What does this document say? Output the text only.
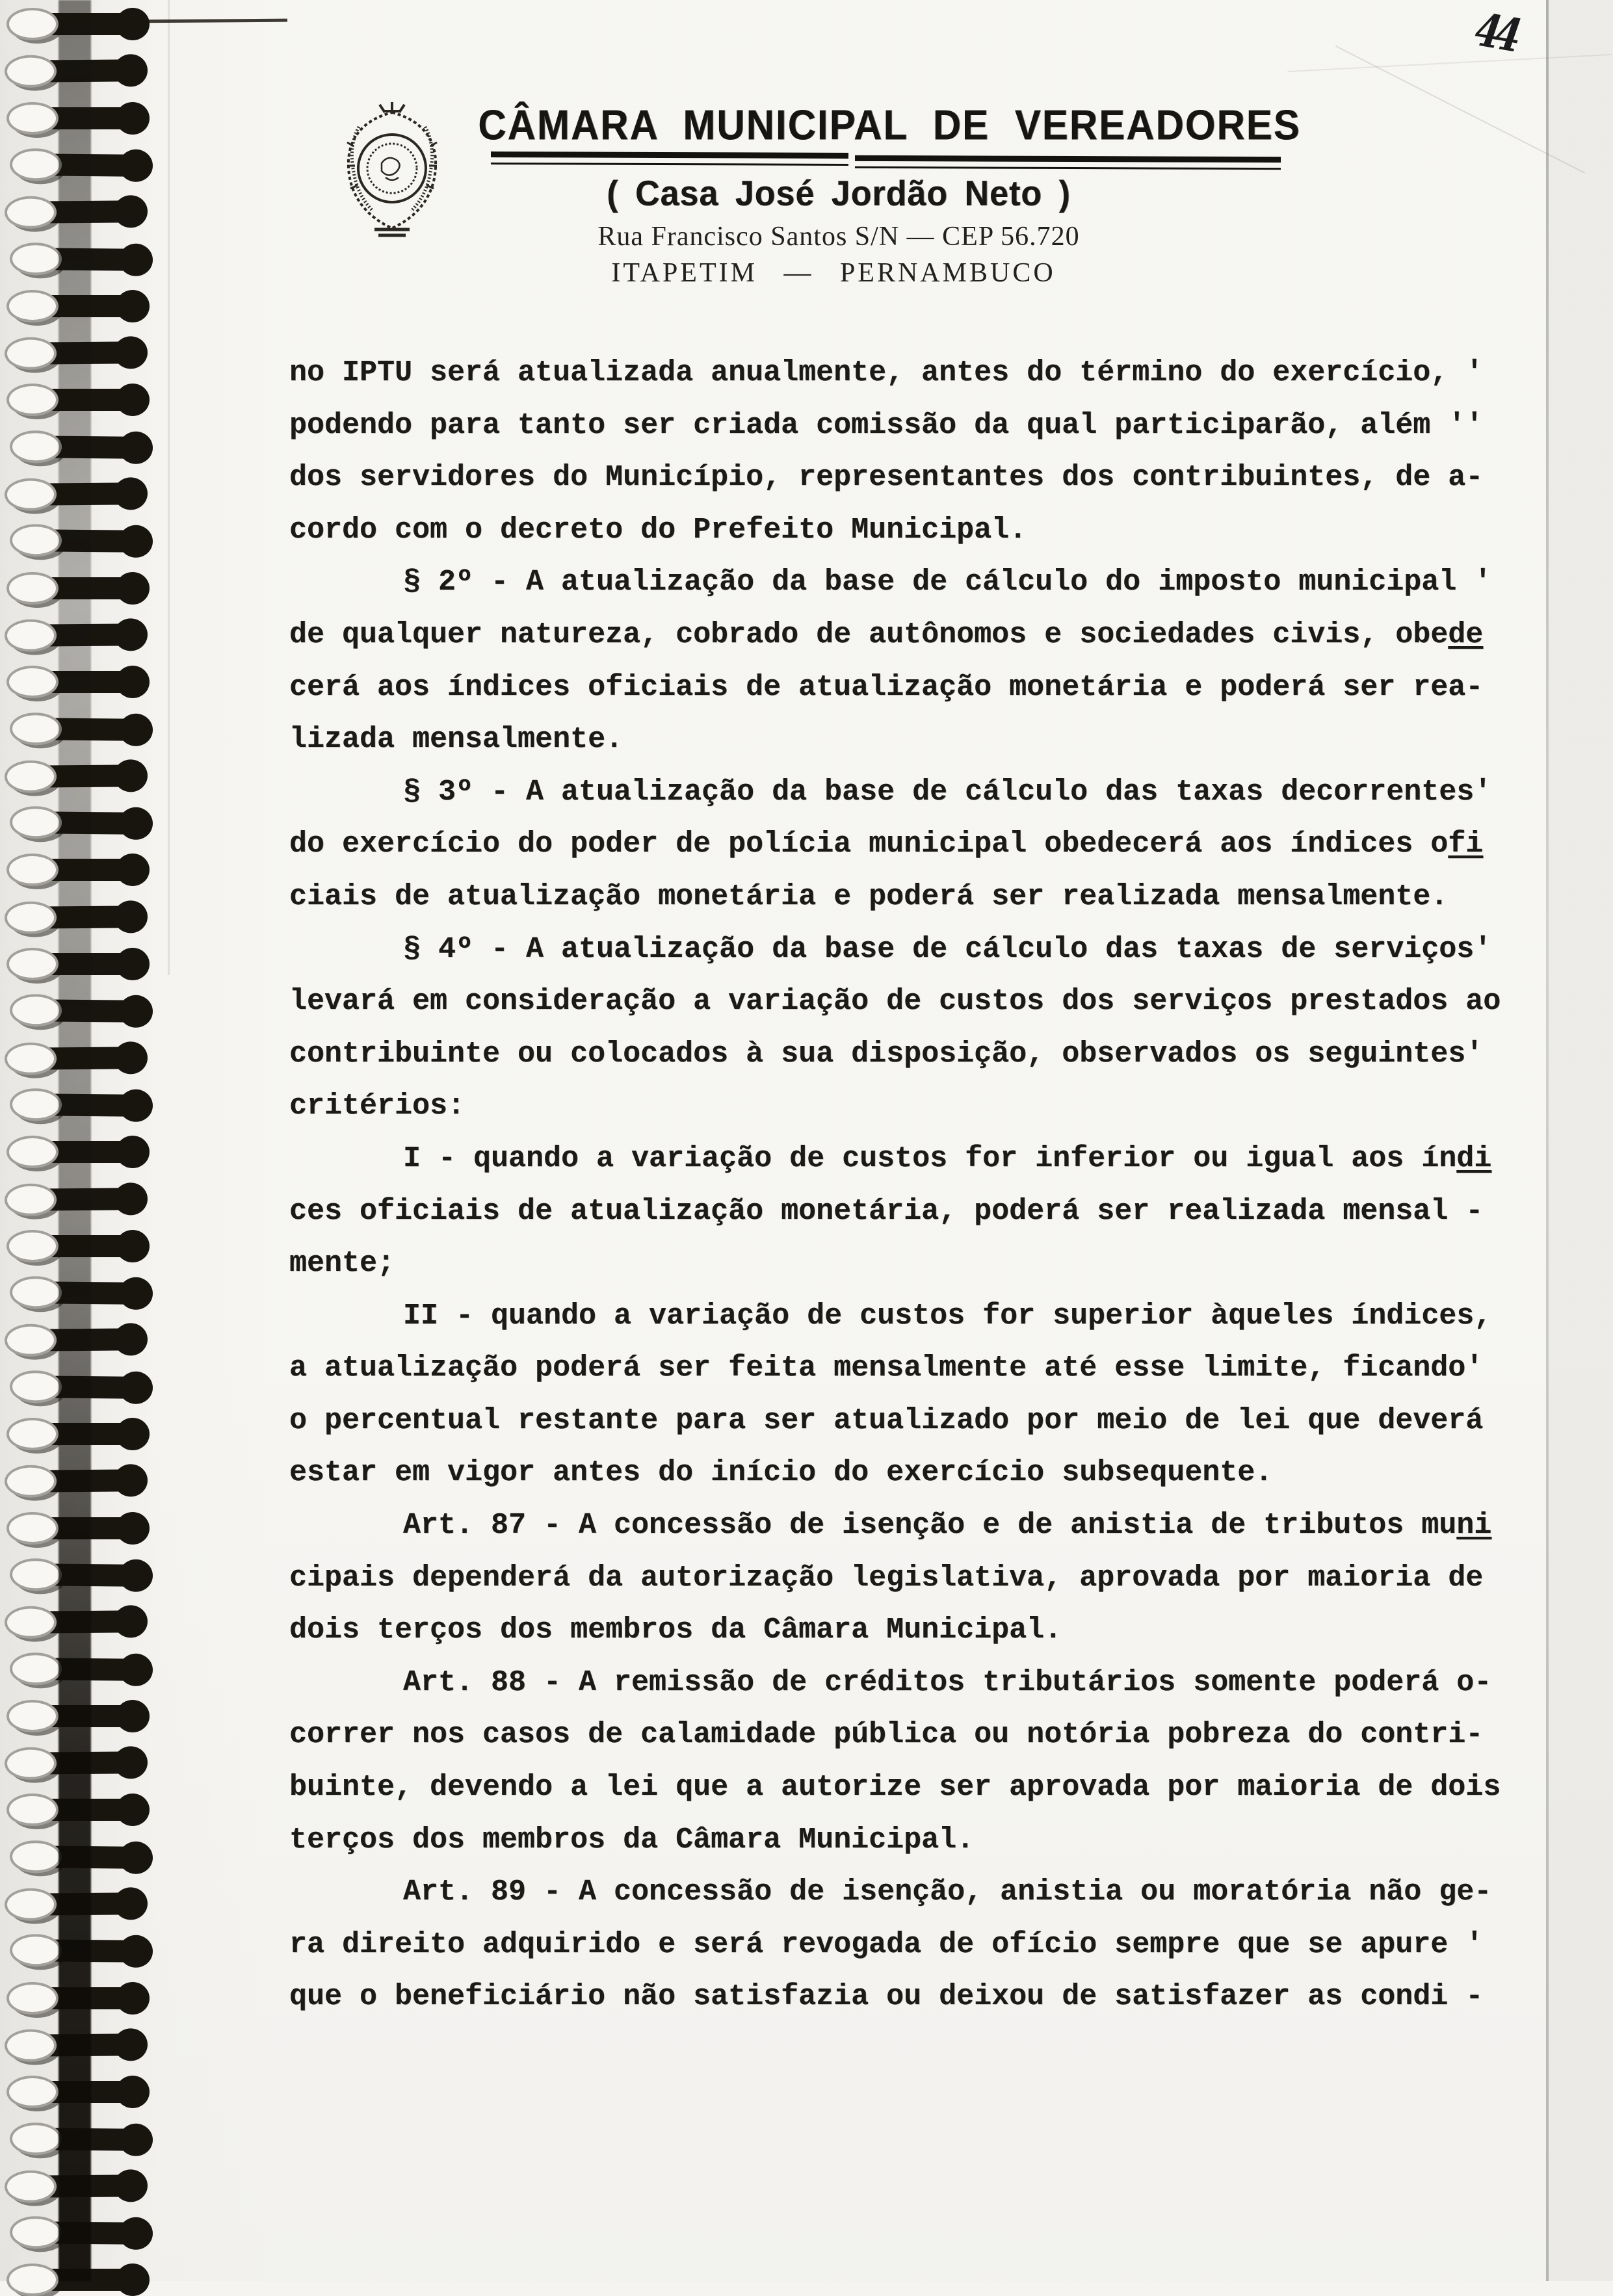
CÂMARA MUNICIPAL DE VEREADORES
( Casa José Jordão Neto )
Rua Francisco Santos S/N — CEP 56.720
ITAPETIM — PERNAMBUCO
44
no IPTU será atualizada anualmente, antes do término do exercício, '
podendo para tanto ser criada comissão da qual participarão, além ''
dos servidores do Município, representantes dos contribuintes, de a-
cordo com o decreto do Prefeito Municipal.
§ 2º - A atualização da base de cálculo do imposto municipal '
de qualquer natureza, cobrado de autônomos e sociedades civis, obede
cerá aos índices oficiais de atualização monetária e poderá ser rea-
lizada mensalmente.
§ 3º - A atualização da base de cálculo das taxas decorrentes'
do exercício do poder de polícia municipal obedecerá aos índices ofi
ciais de atualização monetária e poderá ser realizada mensalmente.
§ 4º - A atualização da base de cálculo das taxas de serviços'
levará em consideração a variação de custos dos serviços prestados ao
contribuinte ou colocados à sua disposição, observados os seguintes'
critérios:
I - quando a variação de custos for inferior ou igual aos índi
ces oficiais de atualização monetária, poderá ser realizada mensal -
mente;
II - quando a variação de custos for superior àqueles índices,
a atualização poderá ser feita mensalmente até esse limite, ficando'
o percentual restante para ser atualizado por meio de lei que deverá
estar em vigor antes do início do exercício subsequente.
Art. 87 - A concessão de isenção e de anistia de tributos muni
cipais dependerá da autorização legislativa, aprovada por maioria de
dois terços dos membros da Câmara Municipal.
Art. 88 - A remissão de créditos tributários somente poderá o-
correr nos casos de calamidade pública ou notória pobreza do contri-
buinte, devendo a lei que a autorize ser aprovada por maioria de dois
terços dos membros da Câmara Municipal.
Art. 89 - A concessão de isenção, anistia ou moratória não ge-
ra direito adquirido e será revogada de ofício sempre que se apure '
que o beneficiário não satisfazia ou deixou de satisfazer as condi -
